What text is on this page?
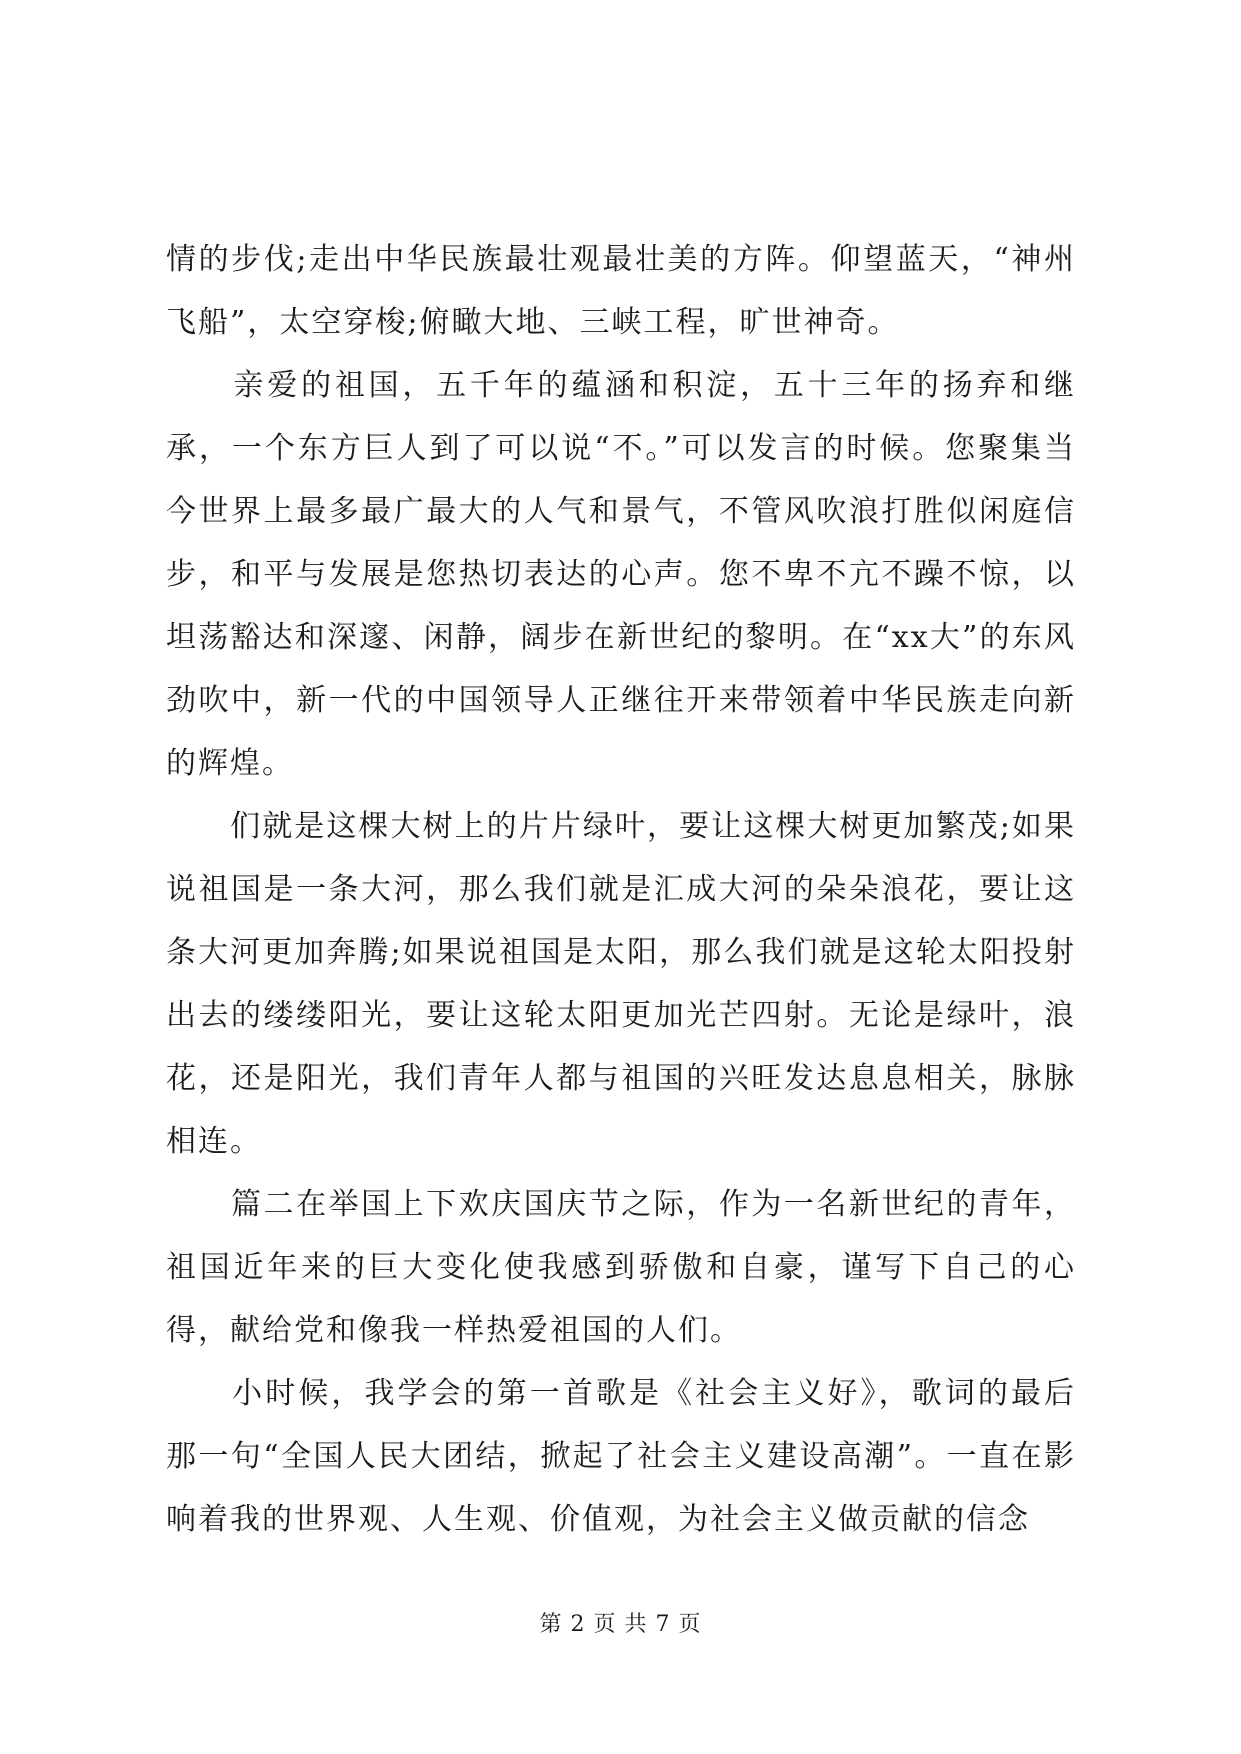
情的步伐;走出中华民族最壮观最壮美的方阵。仰望蓝天，“神州飞船”，太空穿梭;俯瞰大地、三峡工程，旷世神奇。

　　亲爱的祖国，五千年的蕴涵和积淀，五十三年的扬弃和继承，一个东方巨人到了可以说“不。”可以发言的时候。您聚集当今世界上最多最广最大的人气和景气，不管风吹浪打胜似闲庭信步，和平与发展是您热切表达的心声。您不卑不亢不躁不惊，以坦荡豁达和深邃、闲静，阔步在新世纪的黎明。在“xx大”的东风劲吹中，新一代的中国领导人正继往开来带领着中华民族走向新的辉煌。

　　们就是这棵大树上的片片绿叶，要让这棵大树更加繁茂;如果说祖国是一条大河，那么我们就是汇成大河的朵朵浪花，要让这条大河更加奔腾;如果说祖国是太阳，那么我们就是这轮太阳投射出去的缕缕阳光，要让这轮太阳更加光芒四射。无论是绿叶，浪花，还是阳光，我们青年人都与祖国的兴旺发达息息相关，脉脉相连。

　　篇二在举国上下欢庆国庆节之际，作为一名新世纪的青年，祖国近年来的巨大变化使我感到骄傲和自豪，谨写下自己的心得，献给党和像我一样热爱祖国的人们。

　　小时候，我学会的第一首歌是《社会主义好》，歌词的最后那一句“全国人民大团结，掀起了社会主义建设高潮”。一直在影响着我的世界观、人生观、价值观，为社会主义做贡献的信念

第 2 页 共 7 页
